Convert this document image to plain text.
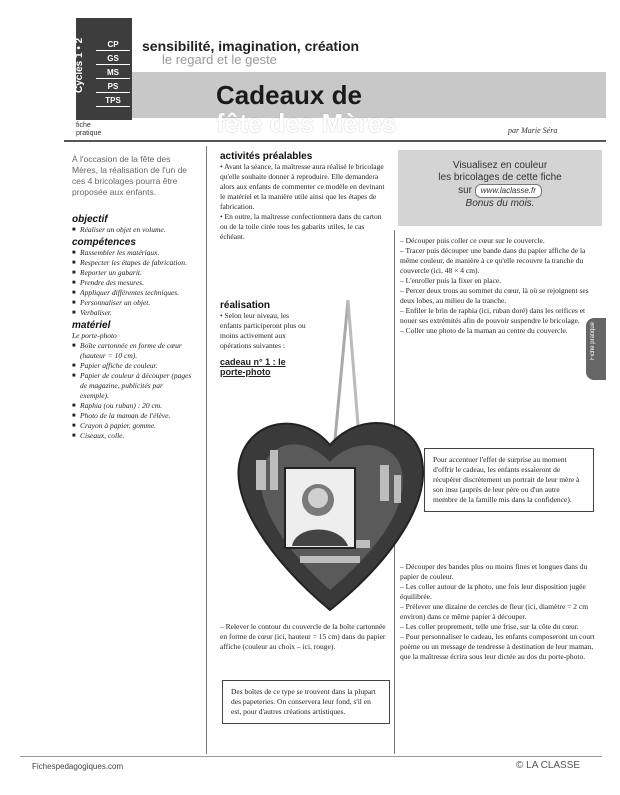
Cycles 1 • 2	CP
GS
MS
PS
TPS
fiche
pratique
sensibilité, imagination, création
le regard et le geste
Cadeaux de
fête des Mères	par Marie Séra
À l'occasion de la fête des Mères, la réalisation de l'un de ces 4 bricolages pourra être proposée aux enfants.
objectif
■ Réaliser un objet en volume.
compétences
■ Rassembler les matériaux.
■ Respecter les étapes de fabrication.
■ Reporter un gabarit.
■ Prendre des mesures.
■ Appliquer différentes techniques.
■ Personnaliser un objet.
■ Verbaliser.
matériel
Le porte-photo
■ Boîte cartonnée en forme de cœur (hauteur = 10 cm).
■ Papier affiche de couleur.
■ Papier de couleur à découper (pages de magazine, publicités par exemple).
■ Raphia (ou ruban) : 20 cm.
■ Photo de la maman de l'élève.
■ Crayon à papier, gomme.
■ Ciseaux, colle.
activités préalables
• Avant la séance, la maîtresse aura réalisé le bricolage qu'elle souhaite donner à reproduire. Elle demandera alors aux enfants de commenter ce modèle en devinant le matériel et la manière utile ainsi que les étapes de fabrication.
• En outre, la maîtresse confectionnera dans du carton ou de la toile cirée tous les gabarits utiles, le cas échéant.
réalisation
• Selon leur niveau, les enfants participeront plus ou moins activement aux opérations suivantes :
cadeau n° 1 : le porte-photo
– Relever le contour du couvercle de la boîte cartonnée en forme de cœur (ici, hauteur = 15 cm) dans du papier affiche (couleur au choix – ici, rouge).
Des boîtes de ce type se trouvent dans la plupart des papeteries. On conservera leur fond, s'il en est, pour d'autres créations artistiques.
Visualisez en couleur
les bricolages de cette fiche
sur www.laclasse.fr
Bonus du mois.
– Découper puis coller ce cœur sur le couvercle.
– Tracer puis découper une bande dans du papier affiche de la même couleur, de manière à ce qu'elle recouvre la tranche du couvercle (ici, 48 × 4 cm).
– L'enroller puis la fixer en place.
– Percer deux trous au sommet du cœur, là où se rejoignent ses deux lobes, au milieu de la tranche.
– Enfiler le brin de raphia (ici, ruban doré) dans les orifices et nouer ses extrémités afin de pouvoir suspendre le bricolage.
– Coller une photo de la maman au centre du couvercle.
Pour accentuer l'effet de surprise au moment d'offrir le cadeau, les enfants essaieront de récupérer discrètement un portrait de leur mère à son insu (auprès de leur père ou d'un autre membre de la famille mis dans la confidence).
– Découper des bandes plus ou moins fines et longues dans du papier de couleur.
– Les coller autour de la photo, une fois leur disposition jugée équilibrée.
– Prélever une dizaine de cercles de fleur (ici, diamètre = 2 cm environ) dans ce même papier à découper.
– Les coller proprement, telle une frise, sur la côte du cœur.
– Pour personnaliser le cadeau, les enfants composeront un court poème ou un message de tendresse à destination de leur maman, que la maîtresse écrira sous leur dictée au dos du porte-photo.
Fiche pratique
Fichespedagogiques.com	© LA CLASSE
